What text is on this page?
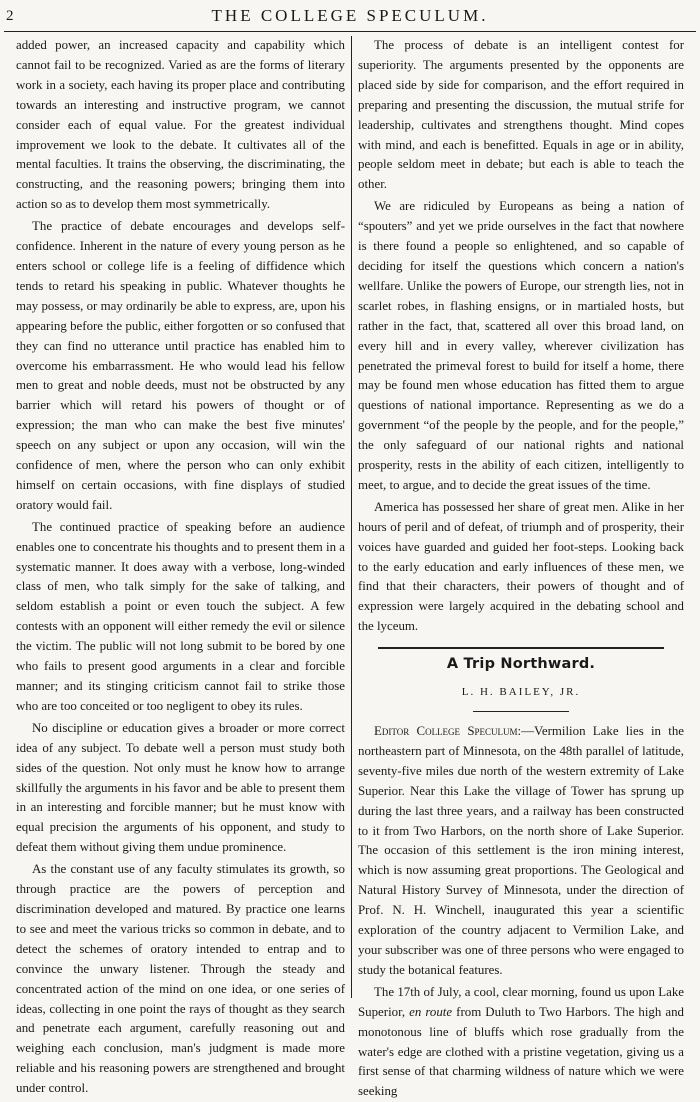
2	THE COLLEGE SPECULUM.

added power, an increased capacity and capability which cannot fail to be recognized. Varied as are the forms of literary work in a society, each having its proper place and contributing towards an interesting and instructive program, we cannot consider each of equal value. For the greatest individual improvement we look to the debate. It cultivates all of the mental faculties. It trains the observing, the discriminating, the constructing, and the reasoning powers; bringing them into action so as to develop them most symmetrically.

The practice of debate encourages and develops self-confidence. Inherent in the nature of every young person as he enters school or college life is a feeling of diffidence which tends to retard his speaking in public. Whatever thoughts he may possess, or may ordinarily be able to express, are, upon his appearing before the public, either forgotten or so confused that they can find no utterance until practice has enabled him to overcome his embarrassment. He who would lead his fellow men to great and noble deeds, must not be obstructed by any barrier which will retard his powers of thought or of expression; the man who can make the best five minutes' speech on any subject or upon any occasion, will win the confidence of men, where the person who can only exhibit himself on certain occasions, with fine displays of studied oratory would fail.

The continued practice of speaking before an audience enables one to concentrate his thoughts and to present them in a systematic manner. It does away with a verbose, long-winded class of men, who talk simply for the sake of talking, and seldom establish a point or even touch the subject. A few contests with an opponent will either remedy the evil or silence the victim. The public will not long submit to be bored by one who fails to present good arguments in a clear and forcible manner; and its stinging criticism cannot fail to strike those who are too conceited or too negligent to obey its rules.

No discipline or education gives a broader or more correct idea of any subject. To debate well a person must study both sides of the question. Not only must he know how to arrange skillfully the arguments in his favor and be able to present them in an interesting and forcible manner; but he must know with equal precision the arguments of his opponent, and study to defeat them without giving them undue prominence.

As the constant use of any faculty stimulates its growth, so through practice are the powers of perception and discrimination developed and matured. By practice one learns to see and meet the various tricks so common in debate, and to detect the schemes of oratory intended to entrap and to convince the unwary listener. Through the steady and concentrated action of the mind on one idea, or one series of ideas, collecting in one point the rays of thought as they search and penetrate each argument, carefully reasoning out and weighing each conclusion, man's judgment is made more reliable and his reasoning powers are strengthened and brought under control.

The process of debate is an intelligent contest for superiority. The arguments presented by the opponents are placed side by side for comparison, and the effort required in preparing and presenting the discussion, the mutual strife for leadership, cultivates and strengthens thought. Mind copes with mind, and each is benefitted. Equals in age or in ability, people seldom meet in debate; but each is able to teach the other.

We are ridiculed by Europeans as being a nation of “spouters” and yet we pride ourselves in the fact that nowhere is there found a people so enlightened, and so capable of deciding for itself the questions which concern a nation's wellfare. Unlike the powers of Europe, our strength lies, not in scarlet robes, in flashing ensigns, or in martialed hosts, but rather in the fact, that, scattered all over this broad land, on every hill and in every valley, wherever civilization has penetrated the primeval forest to build for itself a home, there may be found men whose education has fitted them to argue questions of national importance. Representing as we do a government “of the people by the people, and for the people,” the only safeguard of our national rights and national prosperity, rests in the ability of each citizen, intelligently to meet, to argue, and to decide the great issues of the time.

America has possessed her share of great men. Alike in her hours of peril and of defeat, of triumph and of prosperity, their voices have guarded and guided her foot-steps. Looking back to the early education and early influences of these men, we find that their characters, their powers of thought and of expression were largely acquired in the debating school and the lyceum.

A Trip Northward.
L. H. BAILEY, JR.

Editor College Speculum:—Vermilion Lake lies in the northeastern part of Minnesota, on the 48th parallel of latitude, seventy-five miles due north of the western extremity of Lake Superior. Near this Lake the village of Tower has sprung up during the last three years, and a railway has been constructed to it from Two Harbors, on the north shore of Lake Superior. The occasion of this settlement is the iron mining interest, which is now assuming great proportions. The Geological and Natural History Survey of Minnesota, under the direction of Prof. N. H. Winchell, inaugurated this year a scientific exploration of the country adjacent to Vermilion Lake, and your subscriber was one of three persons who were engaged to study the botanical features.

The 17th of July, a cool, clear morning, found us upon Lake Superior, en route from Duluth to Two Harbors. The high and monotonous line of bluffs which rose gradually from the water's edge are clothed with a pristine vegetation, giving us a first sense of that charming wildness of nature which we were seeking
